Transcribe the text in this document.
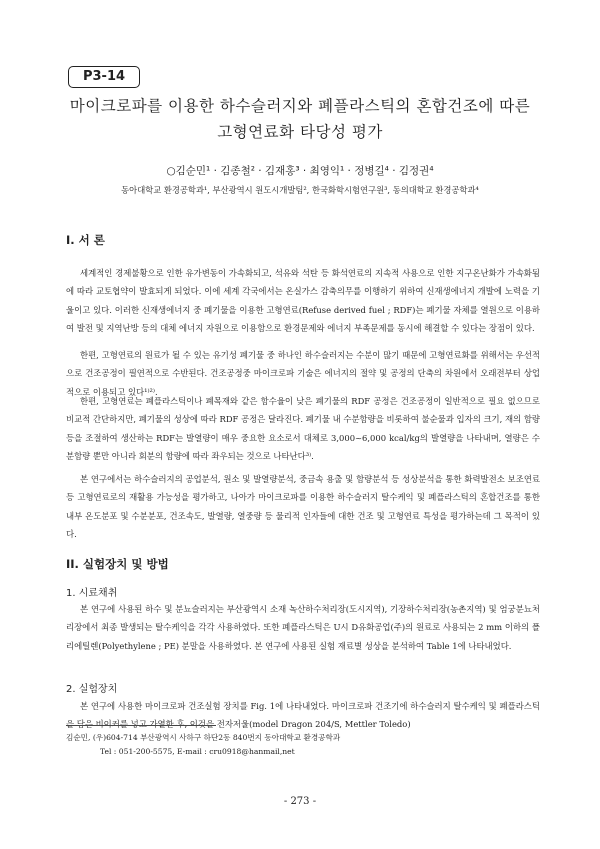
P3-14
마이크로파를 이용한 하수슬러지와 폐플라스틱의 혼합건조에 따른
고형연료화 타당성 평가
○김순민¹ · 김종철² · 김재홍³ · 최영익¹ · 정병길⁴ · 김정권⁴
동아대학교 환경공학과¹, 부산광역시 원도시개발팀², 한국화학시험연구원³, 동의대학교 환경공학과⁴
I. 서 론

세계적인 경제불황으로 인한 유가변동이 가속화되고, 석유와 석탄 등 화석연료의 지속적 사용으로 인한 지구온난화가 가속화됨에 따라 교토협약이 발효되게 되었다. 이에 세계 각국에서는 온실가스 감축의무를 이행하기 위하여 신재생에너지 개발에 노력을 기울이고 있다. 이러한 신재생에너지 중 폐기물을 이용한 고형연료(Refuse derived fuel ; RDF)는 폐기물 자체를 열원으로 이용하여 발전 및 지역난방 등의 대체 에너지 자원으로 이용함으로 환경문제와 에너지 부족문제를 동시에 해결할 수 있다는 장점이 있다.

한편, 고형연료의 원료가 될 수 있는 유기성 폐기물 중 하나인 하수슬러지는 수분이 많기 때문에 고형연료화를 위해서는 우선적으로 건조공정이 필연적으로 수반된다. 건조공정중 마이크로파 기술은 에너지의 절약 및 공정의 단축의 차원에서 오래전부터 상업적으로 이용되고 있다¹⁾²⁾.

한편, 고형연료는 폐플라스틱이나 폐목재와 같은 함수율이 낮은 폐기물의 RDF 공정은 건조공정이 일반적으로 필요 없으므로 비교적 간단하지만, 폐기물의 성상에 따라 RDF 공정은 달라진다. 폐기물 내 수분함량을 비롯하여 불순물과 입자의 크기, 재의 함량등을 조절하여 생산하는 RDF는 발열량이 매우 중요한 요소로서 대체로 3,000~6,000 kcal/kg의 발열량을 나타내며, 열량은 수분함량 뿐만 아니라 회분의 함량에 따라 좌우되는 것으로 나타난다³⁾.

본 연구에서는 하수슬러지의 공업분석, 원소 및 발열량분석, 중금속 용출 및 함량분석 등 성상분석을 통한 화력발전소 보조연료 등 고형연료로의 재활용 가능성을 평가하고, 나아가 마이크로파를 이용한 하수슬러지 탈수케익 및 폐플라스틱의 혼합건조를 통한 내부 온도분포 및 수분분포, 건조속도, 발열량, 열중량 등 물리적 인자들에 대한 건조 및 고형연료 특성을 평가하는데 그 목적이 있다.

II. 실험장치 및 방법
1. 시료채취

본 연구에 사용된 하수 및 분뇨슬러지는 부산광역시 소재 녹산하수처리장(도시지역), 기장하수처리장(농촌지역) 및 엄궁분뇨처리장에서 최종 발생되는 탈수케익을 각각 사용하였다. 또한 폐플라스틱은 U시 D유화공업(주)의 원료로 사용되는 2 mm 이하의 폴리에틸렌(Polyethylene ; PE) 분말을 사용하였다. 본 연구에 사용된 실험 재료별 성상을 분석하여 Table 1에 나타내었다.

2. 실험장치

본 연구에 사용한 마이크로파 건조실험 장치를 Fig. 1에 나타내었다. 마이크로파 건조기에 하수슬러지 탈수케익 및 폐플라스틱을 담은 비이커를 넣고 가열한 후, 이것을 전자저울(model Dragon 204/S, Mettler Toledo)

김순민, (우)604-714 부산광역시 사하구 하단2동 840번지 동아대학교 환경공학과
Tel : 051-200-5575, E-mail : cru0918@hanmail,net
- 273 -
